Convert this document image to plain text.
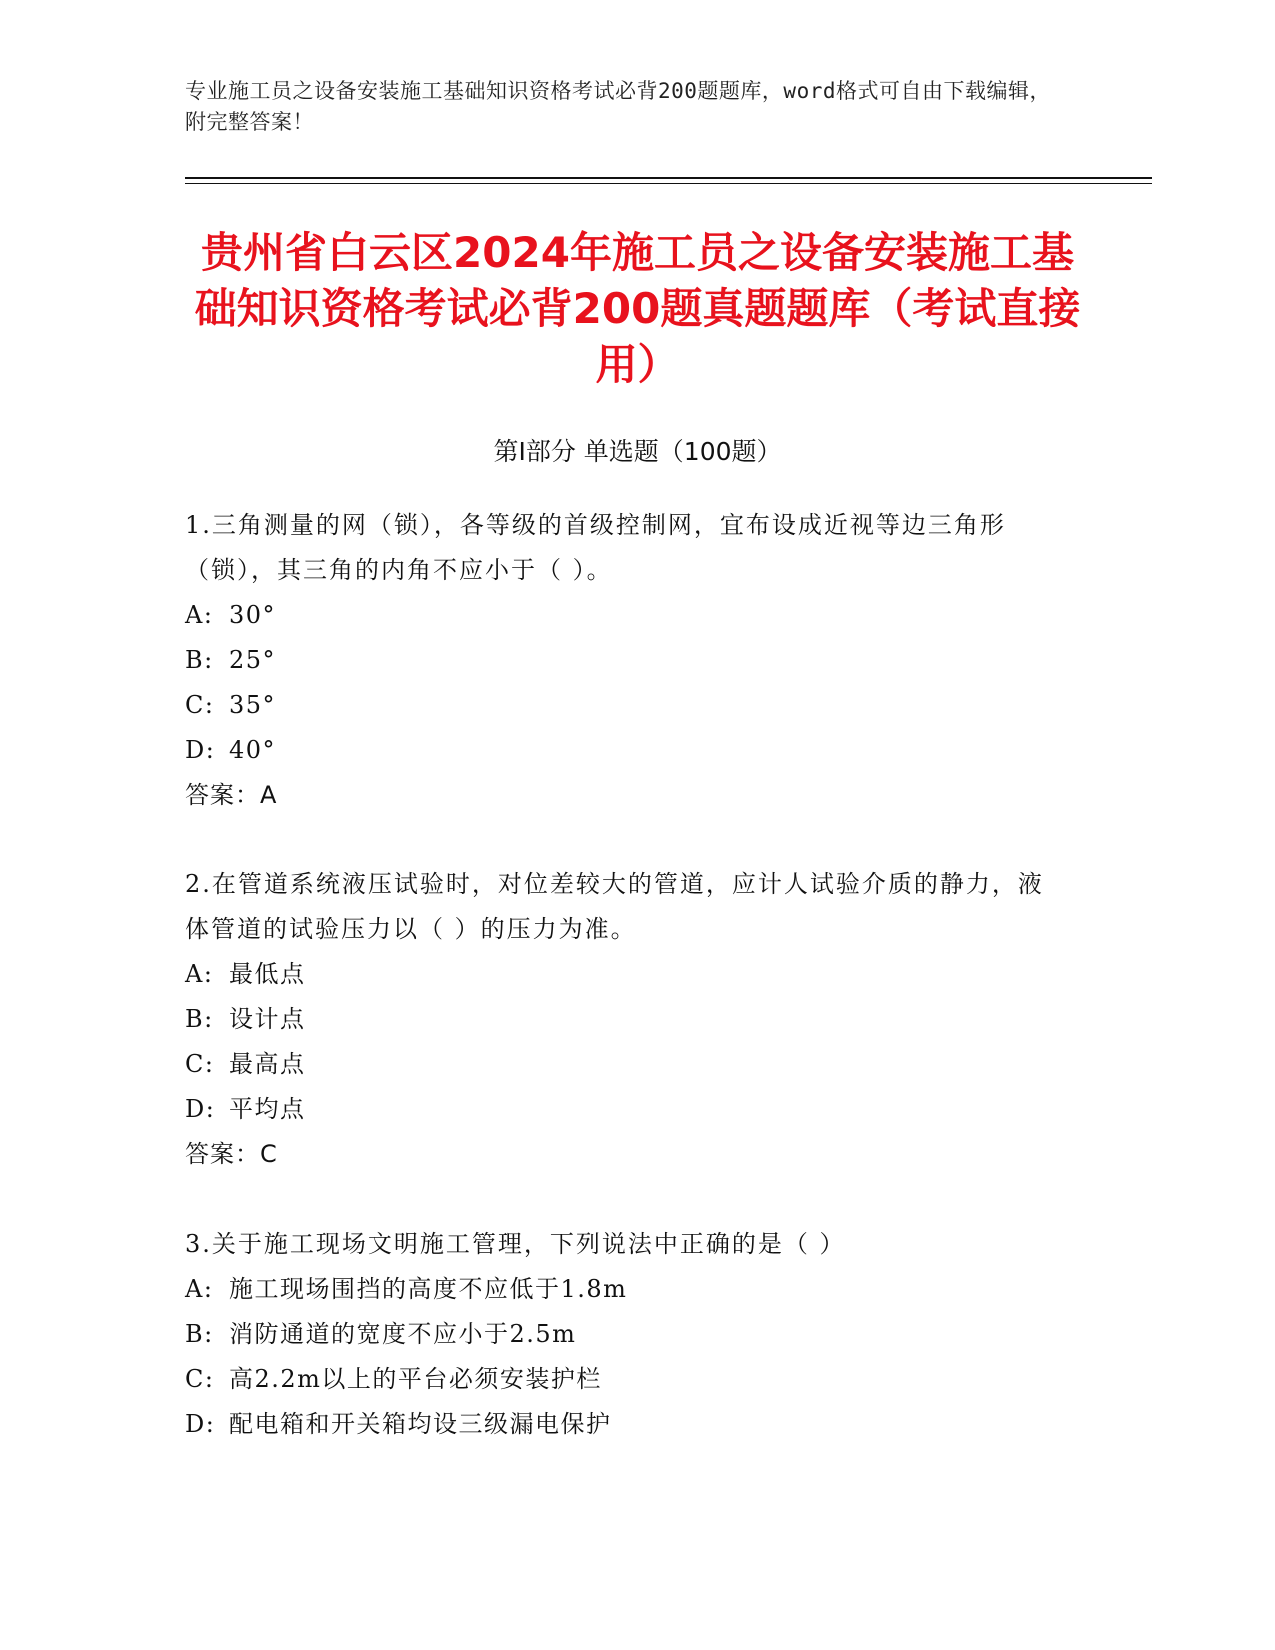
专业施工员之设备安装施工基础知识资格考试必背200题题库，word格式可自由下载编辑，附完整答案！
贵州省白云区2024年施工员之设备安装施工基础知识资格考试必背200题真题题库（考试直接用）
第Ⅰ部分 单选题（100题）
1.三角测量的网（锁），各等级的首级控制网，宜布设成近视等边三角形（锁），其三角的内角不应小于（ ）。
A: 30°
B: 25°
C: 35°
D: 40°
答案：A
2.在管道系统液压试验时，对位差较大的管道，应计人试验介质的静力，液体管道的试验压力以（ ）的压力为准。
A: 最低点
B: 设计点
C: 最高点
D: 平均点
答案：C
3.关于施工现场文明施工管理，下列说法中正确的是（ ）
A: 施工现场围挡的高度不应低于1.8m
B: 消防通道的宽度不应小于2.5m
C: 高2.2m以上的平台必须安装护栏
D: 配电箱和开关箱均设三级漏电保护
